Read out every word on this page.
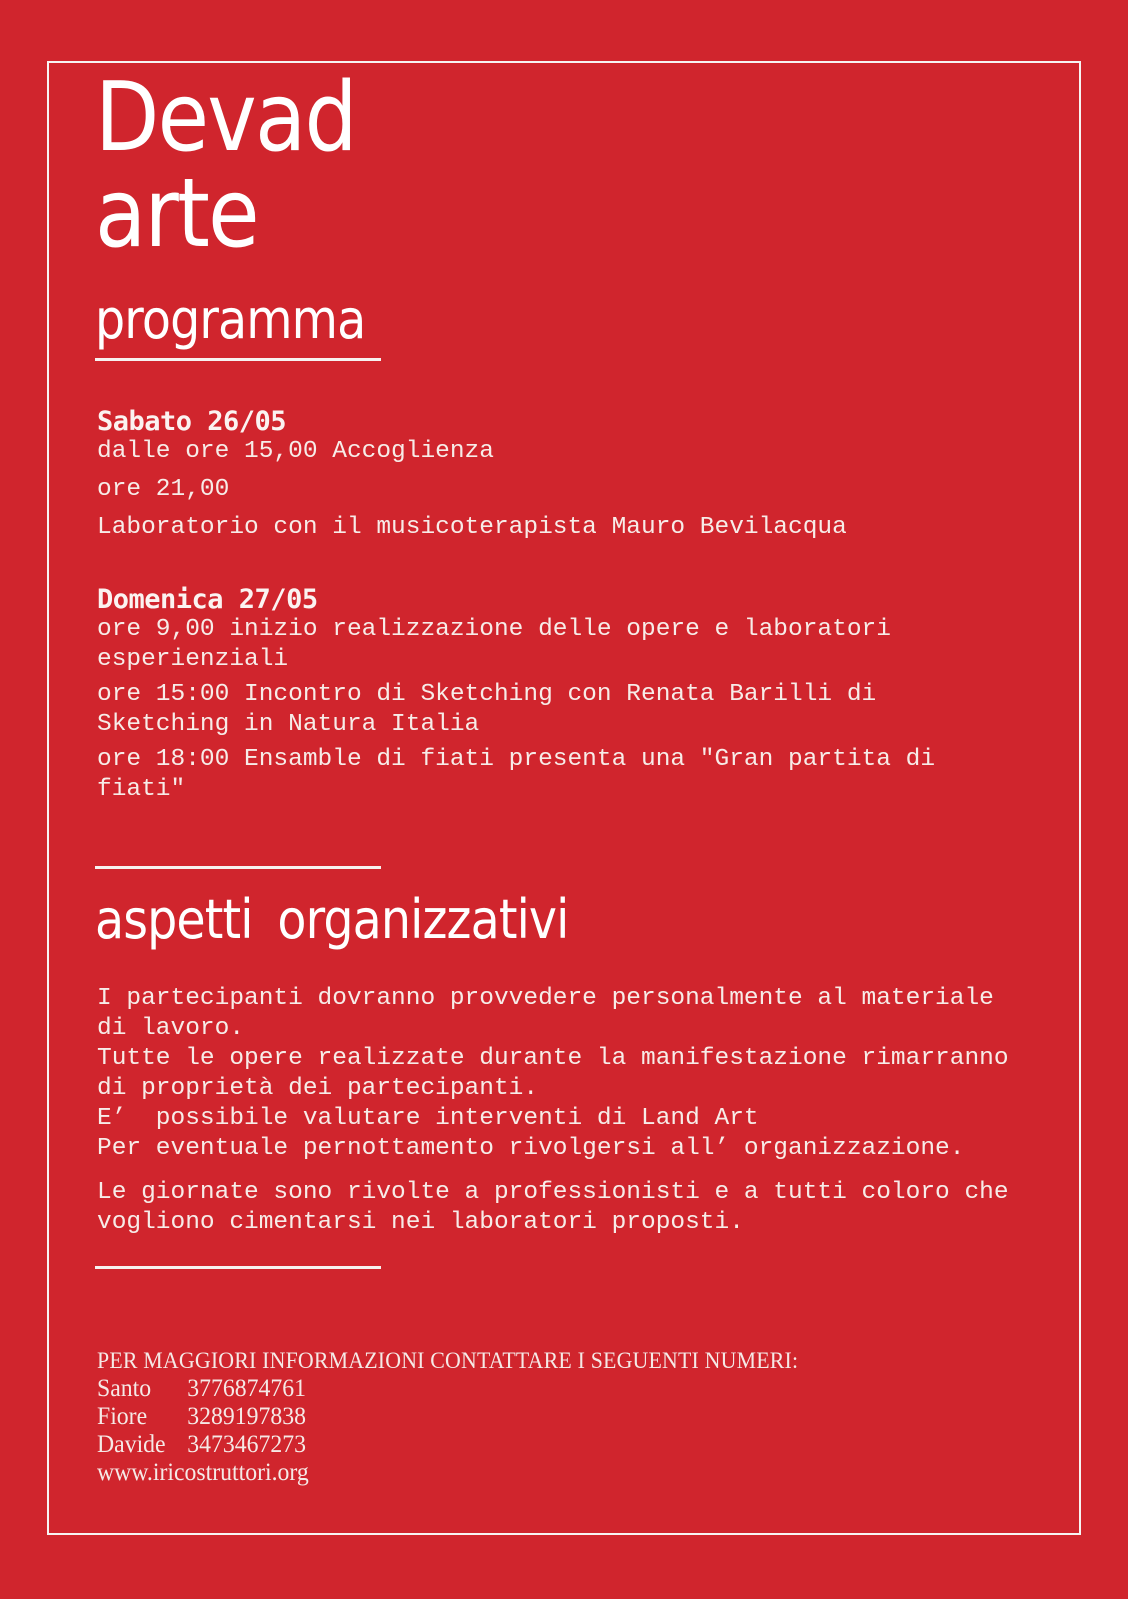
Devad
arte
programma
Sabato 26/05
dalle ore 15,00 Accoglienza
ore 21,00
Laboratorio con il musicoterapista Mauro Bevilacqua
Domenica 27/05
ore 9,00 inizio realizzazione delle opere e laboratori esperienziali
ore 15:00 Incontro di Sketching con Renata Barilli di Sketching in Natura Italia
ore 18:00 Ensamble di fiati presenta una ″Gran partita di fiati″
aspetti organizzativi

I partecipanti dovranno provvedere personalmente al materiale di lavoro.

Tutte le opere realizzate durante la manifestazione rimarranno di proprietà dei partecipanti.

E’  possibile valutare interventi di Land Art

Per eventuale pernottamento rivolgersi all’ organizzazione.

Le giornate sono rivolte a professionisti e a tutti coloro che vogliono cimentarsi nei laboratori proposti.

PER MAGGIORI INFORMAZIONI CONTATTARE I SEGUENTI NUMERI:
Santo 3776874761
Fiore 3289197838
Davide 3473467273
www.iricostruttori.org
